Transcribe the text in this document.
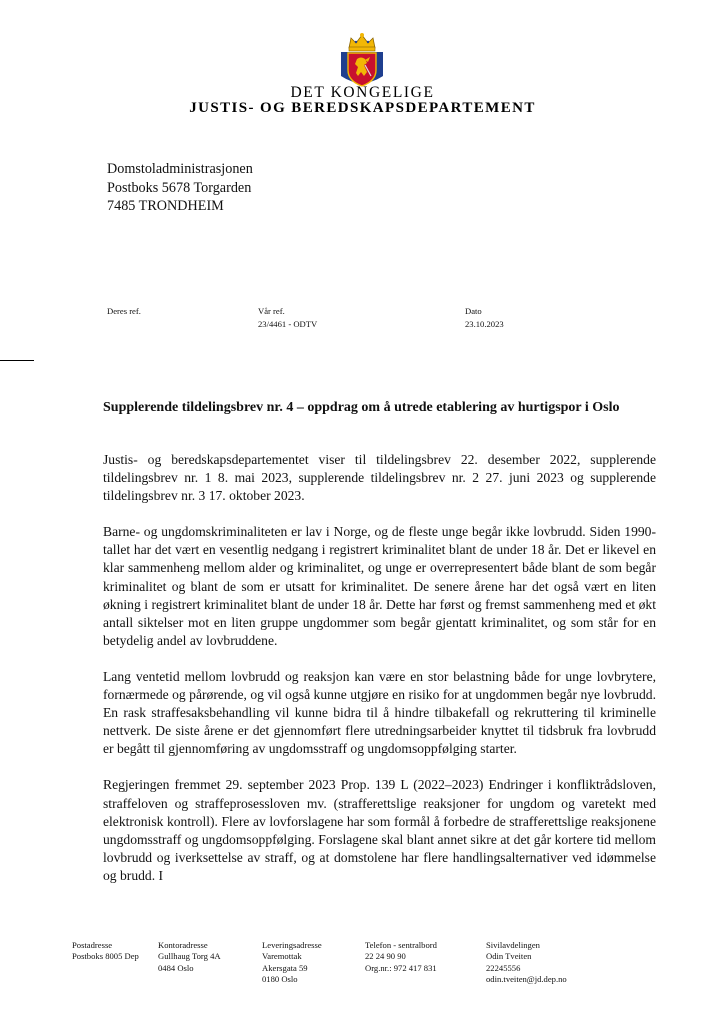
DET KONGELIGE
JUSTIS- OG BEREDSKAPSDEPARTEMENT
Domstoladministrasjonen
Postboks 5678 Torgarden
7485 TRONDHEIM
Deres ref.	Vår ref.
23/4461 - ODTV
Dato
23.10.2023
Supplerende tildelingsbrev nr. 4 – oppdrag om å utrede etablering av hurtigspor i Oslo

Justis- og beredskapsdepartementet viser til tildelingsbrev 22. desember 2022, supplerende tildelingsbrev nr. 1 8. mai 2023, supplerende tildelingsbrev nr. 2 27. juni 2023 og supplerende tildelingsbrev nr. 3 17. oktober 2023.

Barne- og ungdomskriminaliteten er lav i Norge, og de fleste unge begår ikke lovbrudd. Siden 1990-tallet har det vært en vesentlig nedgang i registrert kriminalitet blant de under 18 år. Det er likevel en klar sammenheng mellom alder og kriminalitet, og unge er overrepresentert både blant de som begår kriminalitet og blant de som er utsatt for kriminalitet. De senere årene har det også vært en liten økning i registrert kriminalitet blant de under 18 år. Dette har først og fremst sammenheng med et økt antall siktelser mot en liten gruppe ungdommer som begår gjentatt kriminalitet, og som står for en betydelig andel av lovbruddene.

Lang ventetid mellom lovbrudd og reaksjon kan være en stor belastning både for unge lovbrytere, fornærmede og pårørende, og vil også kunne utgjøre en risiko for at ungdommen begår nye lovbrudd. En rask straffesaksbehandling vil kunne bidra til å hindre tilbakefall og rekruttering til kriminelle nettverk. De siste årene er det gjennomført flere utredningsarbeider knyttet til tidsbruk fra lovbrudd er begått til gjennomføring av ungdomsstraff og ungdomsoppfølging starter.

Regjeringen fremmet 29. september 2023 Prop. 139 L (2022–2023) Endringer i konfliktrådsloven, straffeloven og straffeprosessloven mv. (strafferettslige reaksjoner for ungdom og varetekt med elektronisk kontroll). Flere av lovforslagene har som formål å forbedre de strafferettslige reaksjonene ungdomsstraff og ungdomsoppfølging. Forslagene skal blant annet sikre at det går kortere tid mellom lovbrudd og iverksettelse av straff, og at domstolene har flere handlingsalternativer ved idømmelse og brudd. I

Postadresse
Postboks 8005 Dep
Kontoradresse
Gullhaug Torg 4A
0484 Oslo
Leveringsadresse
Varemottak
Akersgata 59
0180 Oslo
Telefon - sentralbord
22 24 90 90
Org.nr.: 972 417 831
Sivilavdelingen
Odin Tveiten
22245556
odin.tveiten@jd.dep.no
